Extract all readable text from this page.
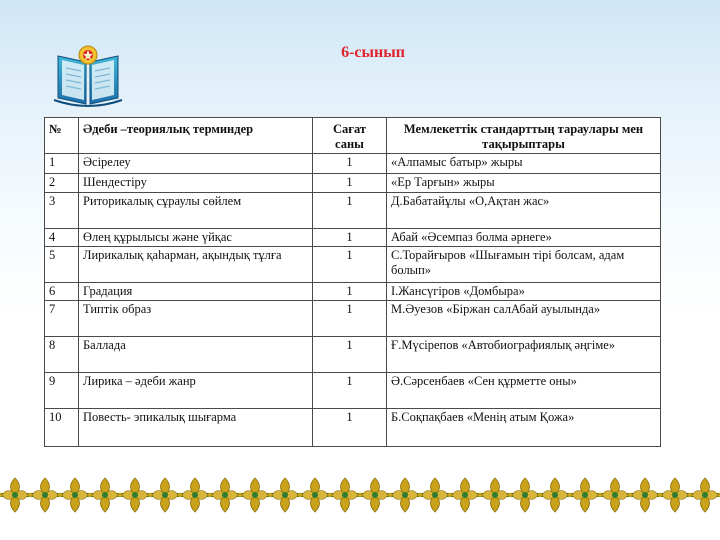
6-сынып
№	Әдеби –теориялық терминдер	Сағат саны	Мемлекеттік стандарттың тараулары мен тақырыптары
1	Әсірелеу	1	«Алпамыс батыр» жыры
2	Шендестіру	1	«Ер Тарғын» жыры
3	Риторикалық сұраулы сөйлем	1	Д.Бабатайұлы «О,Ақтан жас»
4	Өлең құрылысы және үйқас	1	Абай «Әсемпаз болма әрнеге»
5	Лирикалық қаһарман, ақындық тұлға	1	С.Торайғыров «Шығамын тірі болсам, адам болып»
6	Градация	1	І.Жансүгіров «Домбыра»
7	Типтік образ	1	М.Әуезов «Біржан салАбай ауылында»
8	Баллада	1	Ғ.Мүсірепов «Автобиографиялық әңгіме»
9	Лирика – әдеби жанр	1	Ә.Сәрсенбаев «Сен құрметте оны»
10	Повесть- эпикалық шығарма	1	Б.Соқпақбаев «Менің атым Қожа»
